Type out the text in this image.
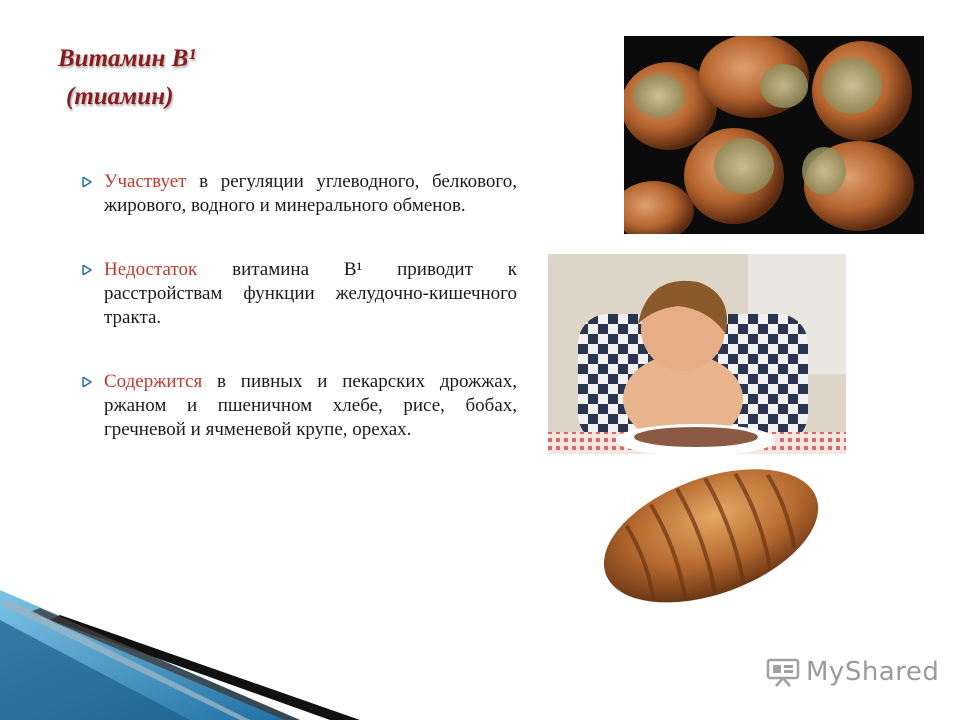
Витамин В¹
(тиамин)
Участвует в регуляции углеводного, белкового, жирового, водного и минерального обменов.
Недостаток витамина В¹ приводит к расстройствам функции желудочно-кишечного тракта.
Содержится в пивных и пекарских дрожжах, ржаном и пшеничном хлебе, рисе, бобах, гречневой и ячменевой крупе, орехах.
MyShared
